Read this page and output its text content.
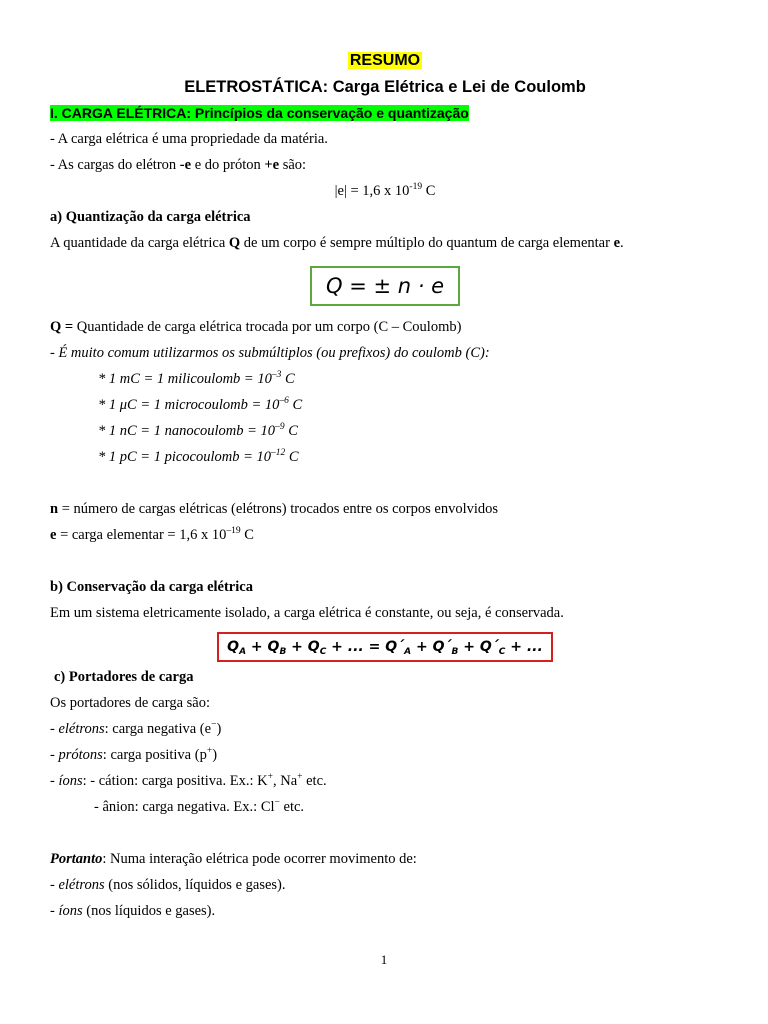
RESUMO
ELETROSTÁTICA: Carga Elétrica e Lei de Coulomb
I. CARGA ELÉTRICA: Princípios da conservação e quantização
- A carga elétrica é uma propriedade da matéria.
- As cargas do elétron -e e do próton +e são:
|e| = 1,6 x $10^{-19}$ C
a) Quantização da carga elétrica
A quantidade da carga elétrica Q de um corpo é sempre múltiplo do quantum de carga elementar e.
Q = ± n · e
Q = Quantidade de carga elétrica trocada por um corpo (C – Coulomb)
- É muito comum utilizarmos os submúltiplos (ou prefixos) do coulomb (C):
* 1 mC = 1 milicoulomb = $10^{-3}$ C
* 1 μC = 1 microcoulomb = $10^{-6}$ C
* 1 nC = 1 nanocoulomb = $10^{-9}$ C
* 1 pC = 1 picocoulomb = $10^{-12}$ C
n = número de cargas elétricas (elétrons) trocados entre os corpos envolvidos
e = carga elementar = 1,6 x $10^{-19}$ C
b) Conservação da carga elétrica
Em um sistema eletricamente isolado, a carga elétrica é constante, ou seja, é conservada.
$Q_A + Q_B + Q_C$ + ... = $Q´_A$ + $Q´_B$ + $Q´_C$ + ...
c) Portadores de carga
Os portadores de carga são:
- elétrons: carga negativa (e−)
- prótons: carga positiva (p+)
- íons: - cátion: carga positiva. Ex.: K+, Na+ etc.
- ânion: carga negativa. Ex.: Cl− etc.
Portanto: Numa interação elétrica pode ocorrer movimento de:
- elétrons (nos sólidos, líquidos e gases).
- íons (nos líquidos e gases).
1
